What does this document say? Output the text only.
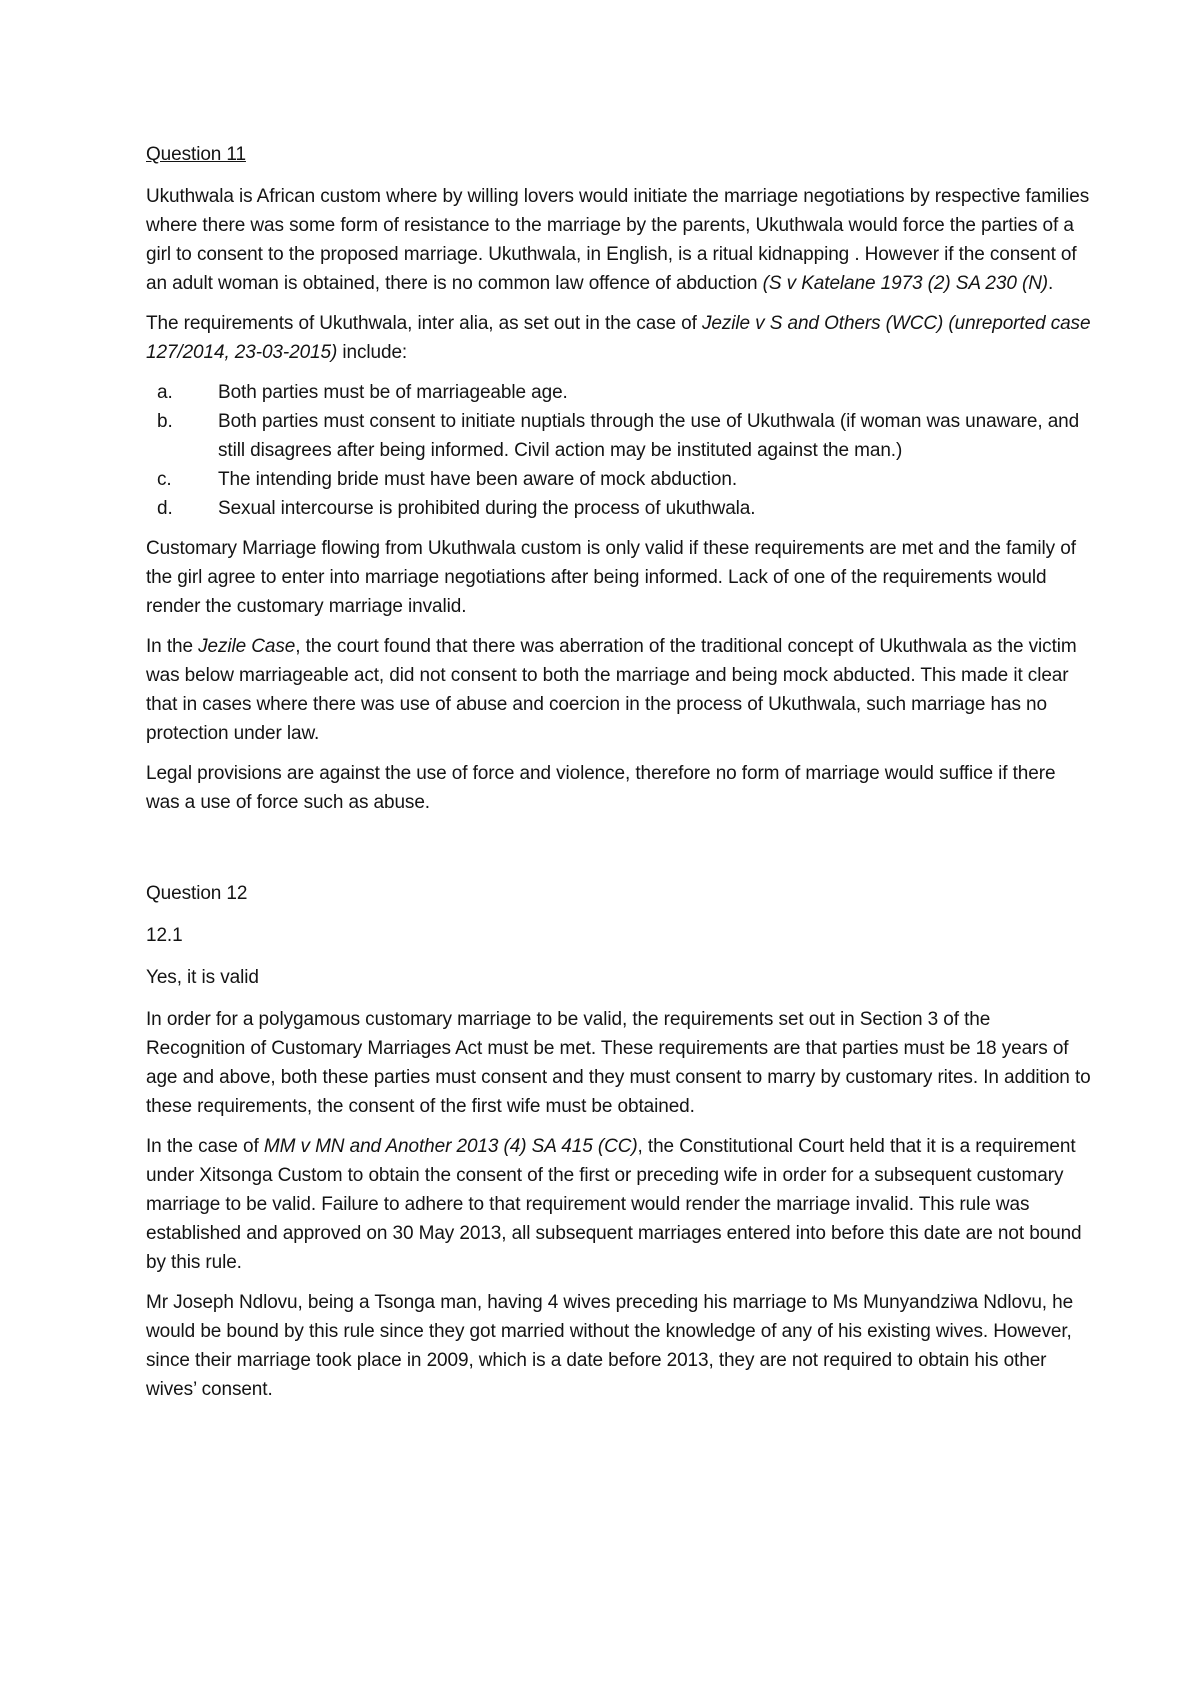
Question 11

Ukuthwala is African custom where by willing lovers would initiate the marriage negotiations by respective families where there was some form of resistance to the marriage by the parents, Ukuthwala would force the parties of a girl to consent to the proposed marriage. Ukuthwala, in English, is a ritual kidnapping . However if the consent of an adult woman is obtained, there is no common law offence of abduction (S v Katelane 1973 (2) SA 230 (N).

The requirements of Ukuthwala, inter alia, as set out in the case of Jezile v S and Others (WCC) (unreported case 127/2014, 23-03-2015) include:

a. Both parties must be of marriageable age.
b. Both parties must consent to initiate nuptials through the use of Ukuthwala (if woman was unaware, and still disagrees after being informed. Civil action may be instituted against the man.)
c. The intending bride must have been aware of mock abduction.
d. Sexual intercourse is prohibited during the process of ukuthwala.

Customary Marriage flowing from Ukuthwala custom is only valid if these requirements are met and the family of the girl agree to enter into marriage negotiations after being informed. Lack of one of the requirements would render the customary marriage invalid.

In the Jezile Case, the court found that there was aberration of the traditional concept of Ukuthwala as the victim was below marriageable act, did not consent to both the marriage and being mock abducted. This made it clear that in cases where there was use of abuse and coercion in the process of Ukuthwala, such marriage has no protection under law.

Legal provisions are against the use of force and violence, therefore no form of marriage would suffice if there was a use of force such as abuse.

Question 12

12.1

Yes, it is valid

In order for a polygamous customary marriage to be valid, the requirements set out in Section 3 of the Recognition of Customary Marriages Act must be met. These requirements are that parties must be 18 years of age and above, both these parties must consent and they must consent to marry by customary rites. In addition to these requirements, the consent of the first wife must be obtained.

In the case of MM v MN and Another 2013 (4) SA 415 (CC), the Constitutional Court held that it is a requirement under Xitsonga Custom to obtain the consent of the first or preceding wife in order for a subsequent customary marriage to be valid. Failure to adhere to that requirement would render the marriage invalid. This rule was established and approved on 30 May 2013, all subsequent marriages entered into before this date are not bound by this rule.

Mr Joseph Ndlovu, being a Tsonga man, having 4 wives preceding his marriage to Ms Munyandziwa Ndlovu, he would be bound by this rule since they got married without the knowledge of any of his existing wives. However, since their marriage took place in 2009, which is a date before 2013, they are not required to obtain his other wives’ consent.
